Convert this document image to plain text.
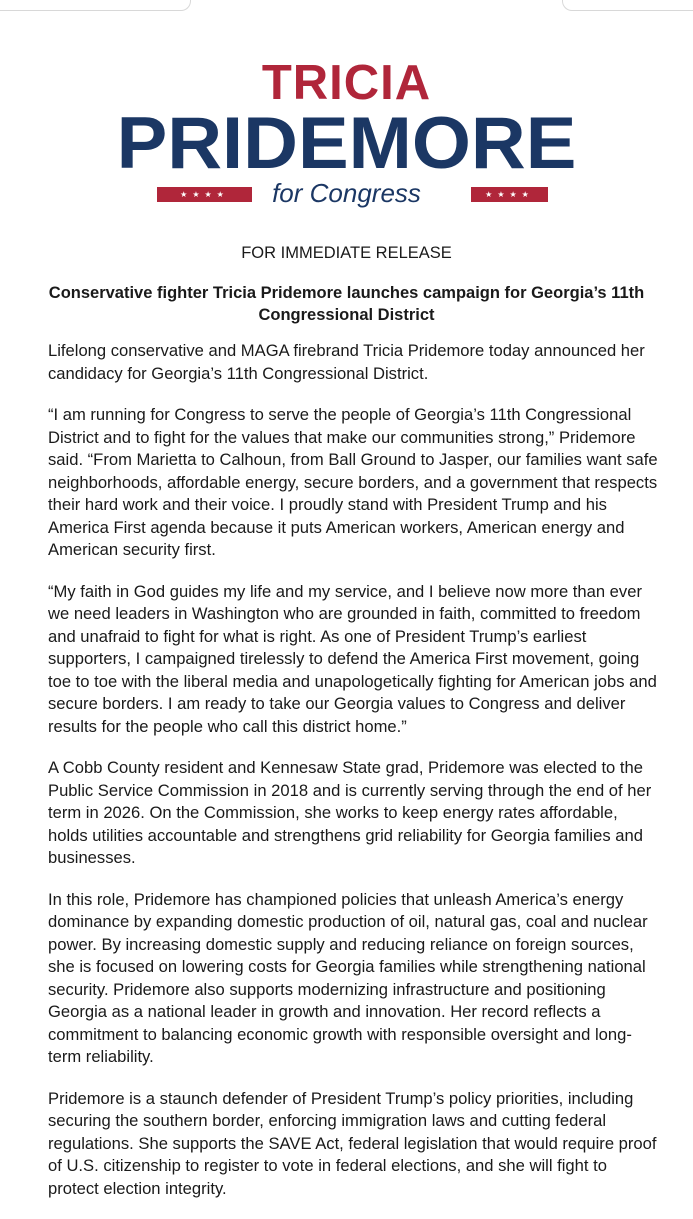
TRICIA
PRIDEMORE
★★★★	for Congress	★★★★
FOR IMMEDIATE RELEASE
Conservative fighter Tricia Pridemore launches campaign for Georgia’s 11th Congressional District

Lifelong conservative and MAGA firebrand Tricia Pridemore today announced her candidacy for Georgia’s 11th Congressional District.

“I am running for Congress to serve the people of Georgia’s 11th Congressional District and to fight for the values that make our communities strong,” Pridemore said. “From Marietta to Calhoun, from Ball Ground to Jasper, our families want safe neighborhoods, affordable energy, secure borders, and a government that respects their hard work and their voice. I proudly stand with President Trump and his America First agenda because it puts American workers, American energy and American security first.

“My faith in God guides my life and my service, and I believe now more than ever we need leaders in Washington who are grounded in faith, committed to freedom and unafraid to fight for what is right. As one of President Trump’s earliest supporters, I campaigned tirelessly to defend the America First movement, going toe to toe with the liberal media and unapologetically fighting for American jobs and secure borders. I am ready to take our Georgia values to Congress and deliver results for the people who call this district home.”

A Cobb County resident and Kennesaw State grad, Pridemore was elected to the Public Service Commission in 2018 and is currently serving through the end of her term in 2026. On the Commission, she works to keep energy rates affordable, holds utilities accountable and strengthens grid reliability for Georgia families and businesses.

In this role, Pridemore has championed policies that unleash America’s energy dominance by expanding domestic production of oil, natural gas, coal and nuclear power. By increasing domestic supply and reducing reliance on foreign sources, she is focused on lowering costs for Georgia families while strengthening national security. Pridemore also supports modernizing infrastructure and positioning Georgia as a national leader in growth and innovation. Her record reflects a commitment to balancing economic growth with responsible oversight and long-term reliability.

Pridemore is a staunch defender of President Trump’s policy priorities, including securing the southern border, enforcing immigration laws and cutting federal regulations. She supports the SAVE Act, federal legislation that would require proof of U.S. citizenship to register to vote in federal elections, and she will fight to protect election integrity.
